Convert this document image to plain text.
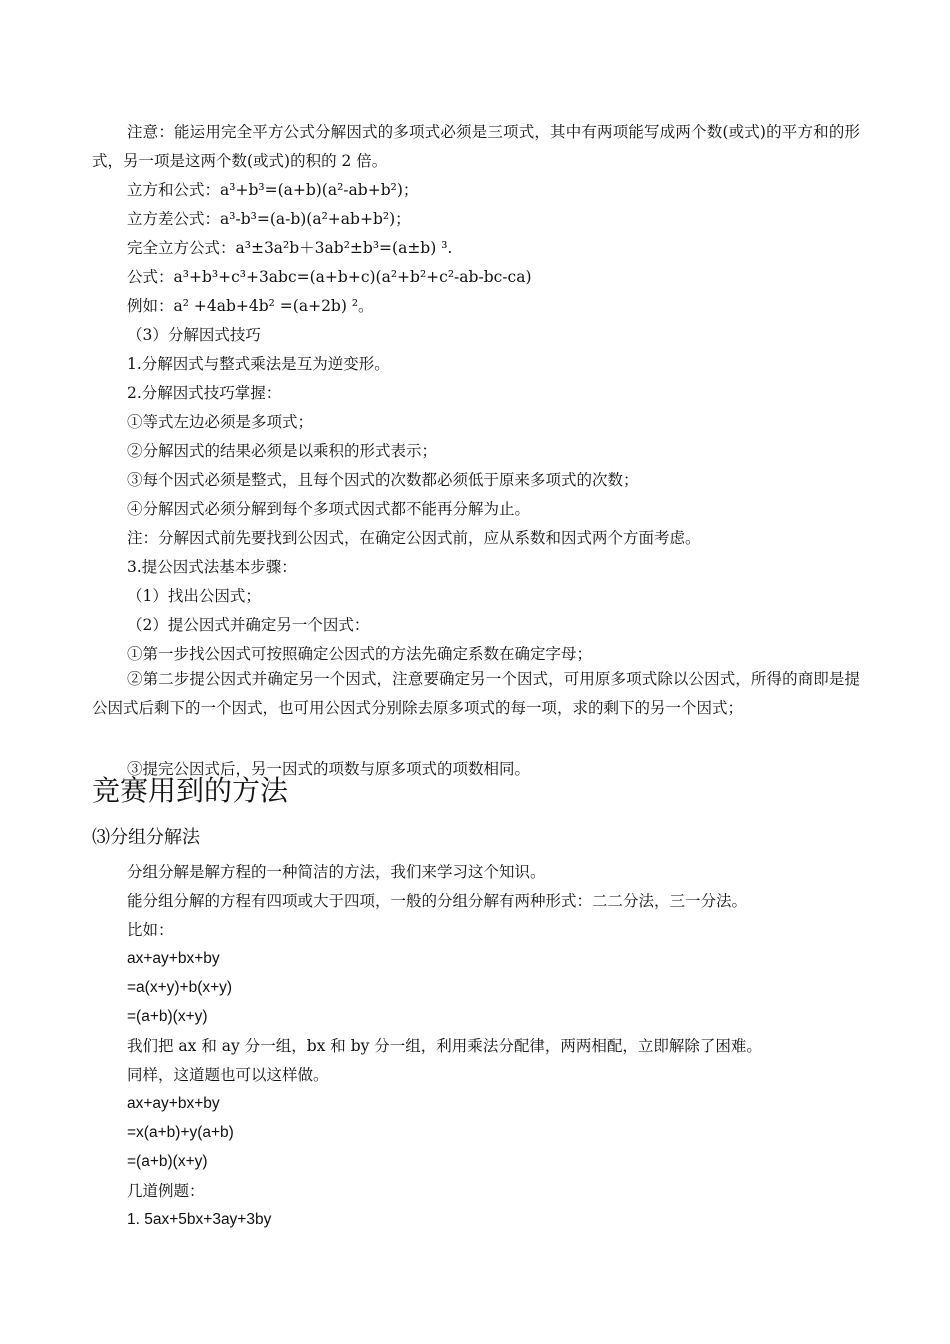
注意：能运用完全平方公式分解因式的多项式必须是三项式，其中有两项能写成两个数(或式)的平方和的形式，另一项是这两个数(或式)的积的 2 倍。
立方和公式：a³+b³=(a+b)(a²-ab+b²)；
立方差公式：a³-b³=(a-b)(a²+ab+b²)；
完全立方公式：a³±3a²b＋3ab²±b³=(a±b) ³.
公式：a³+b³+c³+3abc=(a+b+c)(a²+b²+c²-ab-bc-ca)
例如：a² +4ab+4b² =(a+2b) ²。
（3）分解因式技巧
1.分解因式与整式乘法是互为逆变形。
2.分解因式技巧掌握：
①等式左边必须是多项式；
②分解因式的结果必须是以乘积的形式表示；
③每个因式必须是整式，且每个因式的次数都必须低于原来多项式的次数；
④分解因式必须分解到每个多项式因式都不能再分解为止。
注：分解因式前先要找到公因式，在确定公因式前，应从系数和因式两个方面考虑。
3.提公因式法基本步骤：
（1）找出公因式；
（2）提公因式并确定另一个因式：
①第一步找公因式可按照确定公因式的方法先确定系数在确定字母；
②第二步提公因式并确定另一个因式，注意要确定另一个因式，可用原多项式除以公因式，所得的商即是提公因式后剩下的一个因式，也可用公因式分别除去原多项式的每一项，求的剩下的另一个因式；
③提完公因式后，另一因式的项数与原多项式的项数相同。
竞赛用到的方法
⑶分组分解法
分组分解是解方程的一种简洁的方法，我们来学习这个知识。
能分组分解的方程有四项或大于四项，一般的分组分解有两种形式：二二分法，三一分法。
比如：
ax+ay+bx+by
=a(x+y)+b(x+y)
=(a+b)(x+y)
我们把 ax 和 ay 分一组，bx 和 by 分一组，利用乘法分配律，两两相配，立即解除了困难。
同样，这道题也可以这样做。
ax+ay+bx+by
=x(a+b)+y(a+b)
=(a+b)(x+y)
几道例题：
1. 5ax+5bx+3ay+3by
